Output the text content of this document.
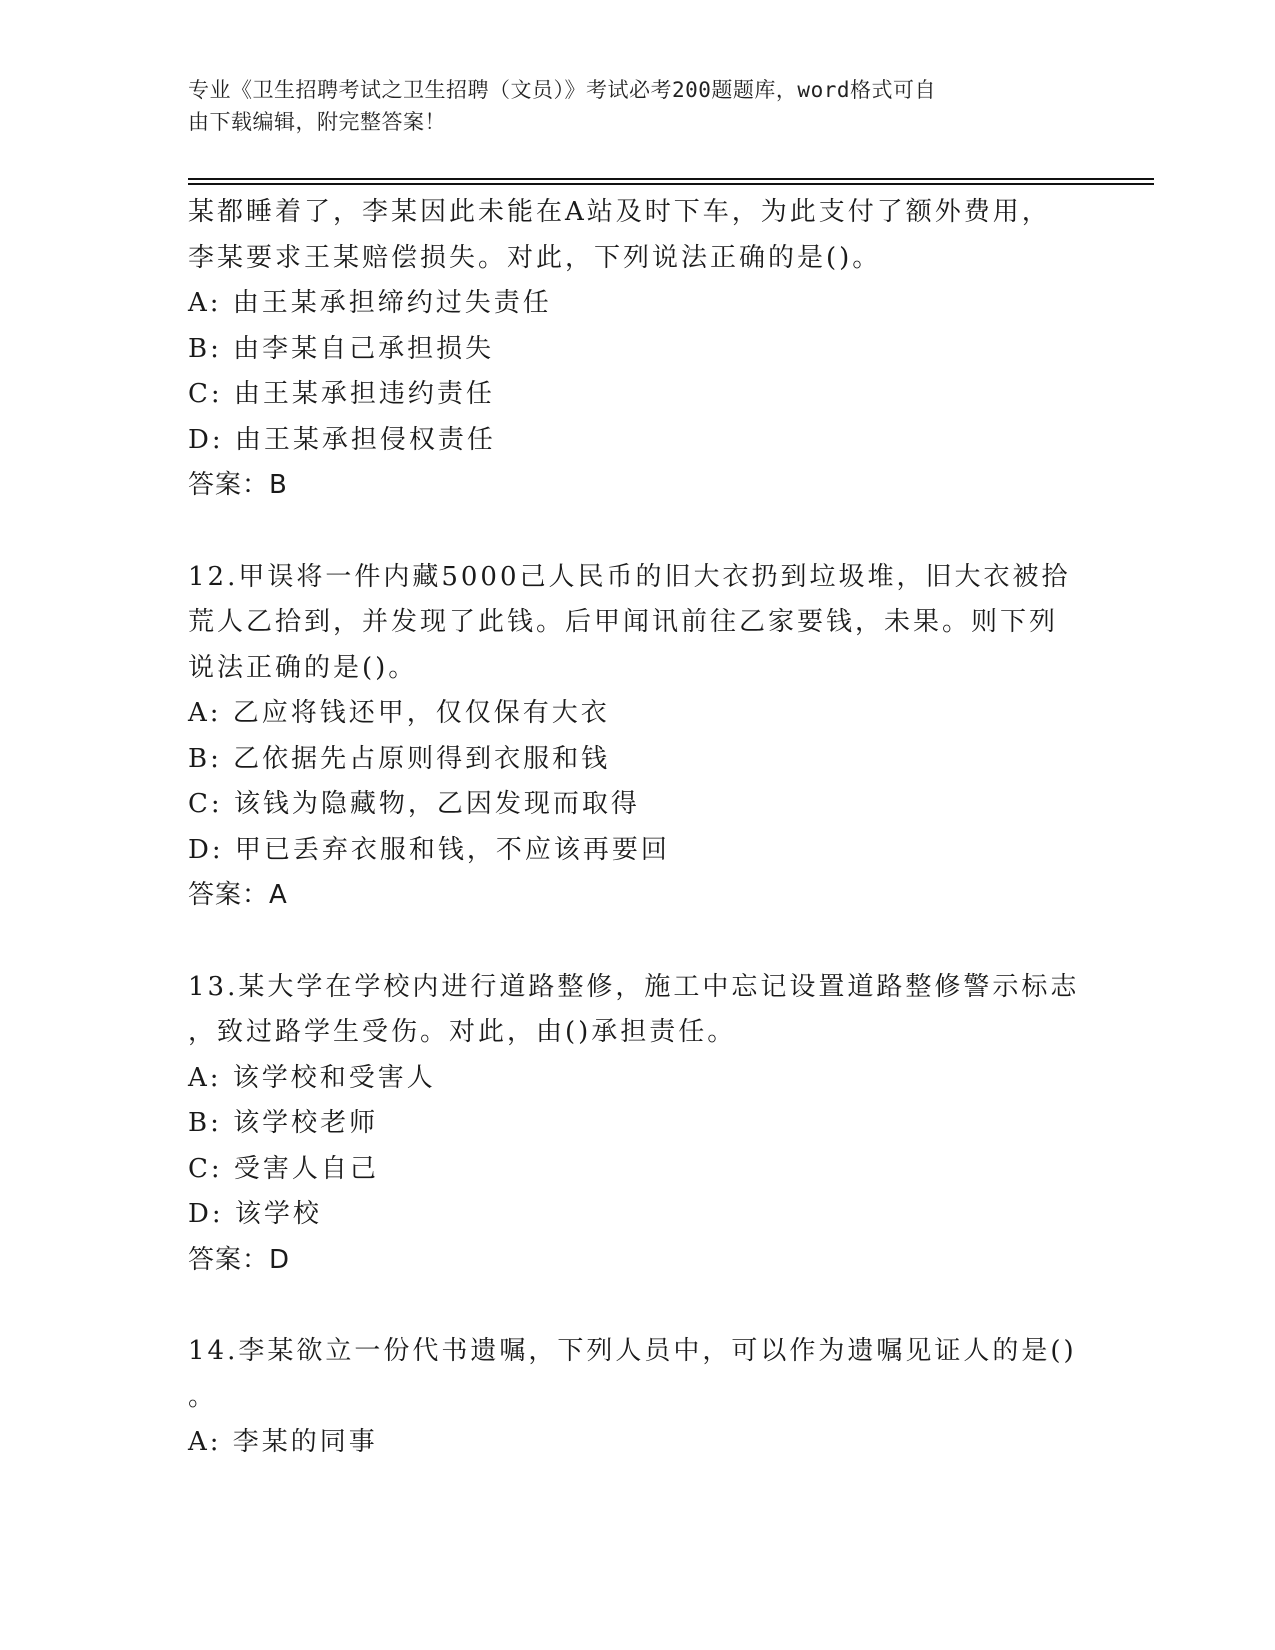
专业《卫生招聘考试之卫生招聘（文员）》考试必考200题题库，word格式可自
由下载编辑，附完整答案！
某都睡着了，李某因此未能在A站及时下车，为此支付了额外费用，
李某要求王某赔偿损失。对此，下列说法正确的是()。
A: 由王某承担缔约过失责任
B: 由李某自己承担损失
C: 由王某承担违约责任
D: 由王某承担侵权责任
答案：B
12.甲误将一件内藏5000己人民币的旧大衣扔到垃圾堆，旧大衣被拾
荒人乙拾到，并发现了此钱。后甲闻讯前往乙家要钱，未果。则下列
说法正确的是()。
A: 乙应将钱还甲，仅仅保有大衣
B: 乙依据先占原则得到衣服和钱
C: 该钱为隐藏物，乙因发现而取得
D: 甲已丢弃衣服和钱，不应该再要回
答案：A
13.某大学在学校内进行道路整修，施工中忘记设置道路整修警示标志
，致过路学生受伤。对此，由()承担责任。
A: 该学校和受害人
B: 该学校老师
C: 受害人自己
D: 该学校
答案：D
14.李某欲立一份代书遗嘱，下列人员中，可以作为遗嘱见证人的是()
。
A: 李某的同事
